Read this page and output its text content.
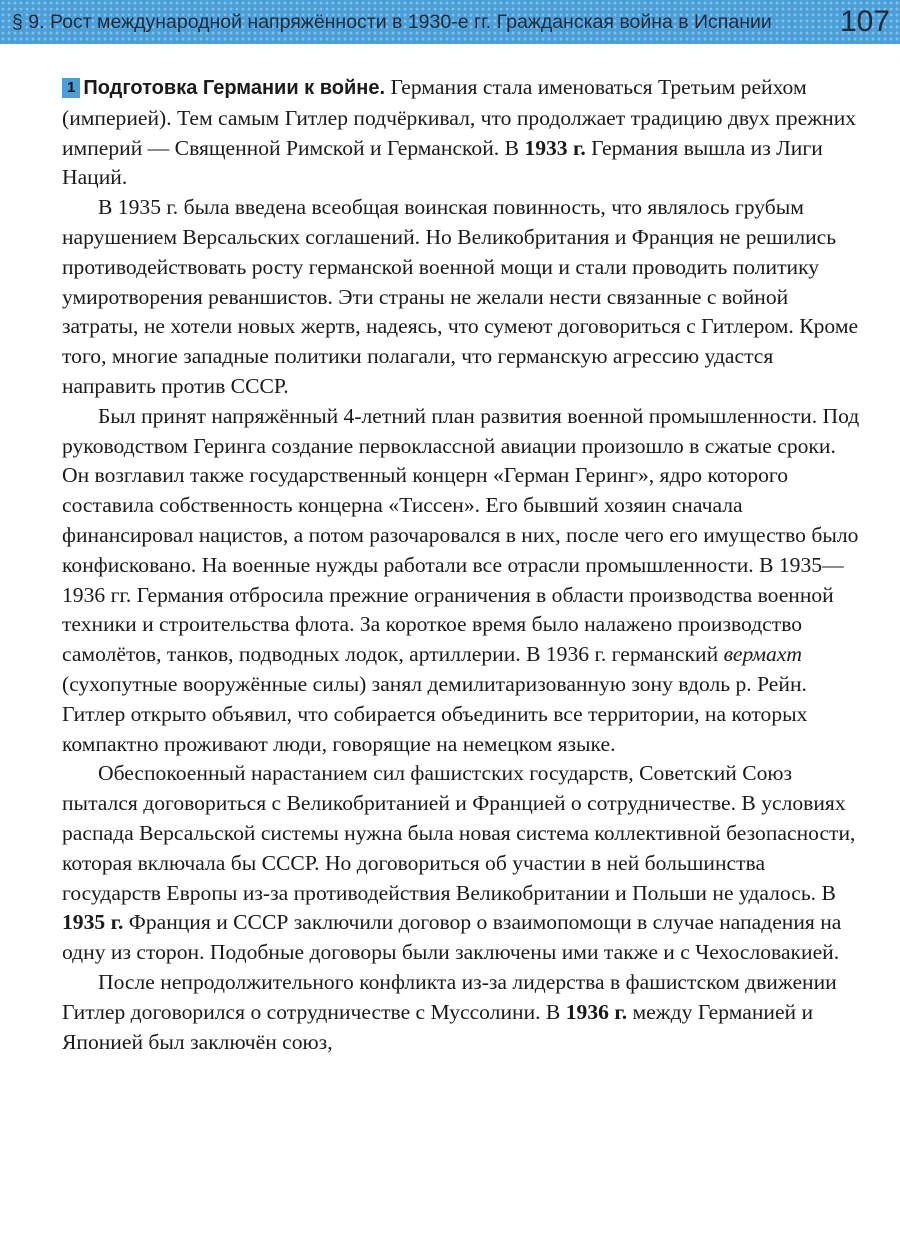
§ 9. Рост международной напряжённости в 1930-е гг. Гражданская война в Испании 107

1 Подготовка Германии к войне. Германия стала именоваться Третьим рейхом (империей). Тем самым Гитлер подчёркивал, что продолжает традицию двух прежних империй — Священной Римской и Германской. В 1933 г. Германия вышла из Лиги Наций.

В 1935 г. была введена всеобщая воинская повинность, что являлось грубым нарушением Версальских соглашений. Но Великобритания и Франция не решились противодействовать росту германской военной мощи и стали проводить политику умиротворения реваншистов. Эти страны не желали нести связанные с войной затраты, не хотели новых жертв, надеясь, что сумеют договориться с Гитлером. Кроме того, многие западные политики полагали, что германскую агрессию удастся направить против СССР.

Был принят напряжённый 4-летний план развития военной промышленности. Под руководством Геринга создание первоклассной авиации произошло в сжатые сроки. Он возглавил также государственный концерн «Герман Геринг», ядро которого составила собственность концерна «Тиссен». Его бывший хозяин сначала финансировал нацистов, а потом разочаровался в них, после чего его имущество было конфисковано. На военные нужды работали все отрасли промышленности. В 1935—1936 гг. Германия отбросила прежние ограничения в области производства военной техники и строительства флота. За короткое время было налажено производство самолётов, танков, подводных лодок, артиллерии. В 1936 г. германский вермахт (сухопутные вооружённые силы) занял демилитаризованную зону вдоль р. Рейн. Гитлер открыто объявил, что собирается объединить все территории, на которых компактно проживают люди, говорящие на немецком языке.

Обеспокоенный нарастанием сил фашистских государств, Советский Союз пытался договориться с Великобританией и Францией о сотрудничестве. В условиях распада Версальской системы нужна была новая система коллективной безопасности, которая включала бы СССР. Но договориться об участии в ней большинства государств Европы из-за противодействия Великобритании и Польши не удалось. В 1935 г. Франция и СССР заключили договор о взаимопомощи в случае нападения на одну из сторон. Подобные договоры были заключены ими также и с Чехословакией.

После непродолжительного конфликта из-за лидерства в фашистском движении Гитлер договорился о сотрудничестве с Муссолини. В 1936 г. между Германией и Японией был заключён союз,
